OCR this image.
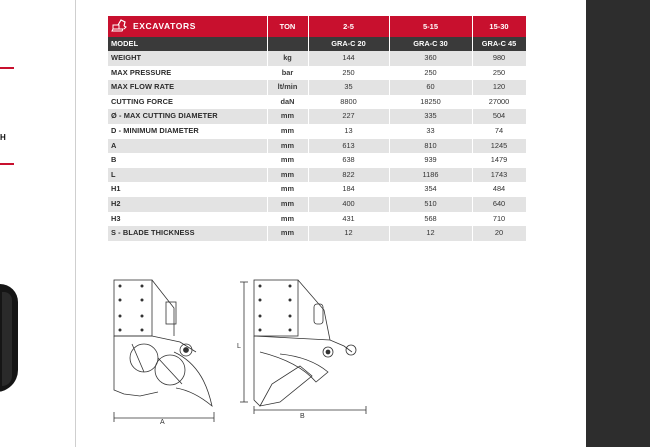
H
EXCAVATORS	TON	2-5	5-15	15-30
MODEL		GRA-C 20	GRA-C 30	GRA-C 45
WEIGHT	kg	144	360	980
MAX PRESSURE	bar	250	250	250
MAX FLOW RATE	lt/min	35	60	120
CUTTING FORCE	daN	8800	18250	27000
Ø - MAX CUTTING DIAMETER	mm	227	335	504
D - MINIMUM DIAMETER	mm	13	33	74
A	mm	613	810	1245
B	mm	638	939	1479
L	mm	822	1186	1743
H1	mm	184	354	484
H2	mm	400	510	640
H3	mm	431	568	710
S - BLADE THICKNESS	mm	12	12	20
A
B
L
